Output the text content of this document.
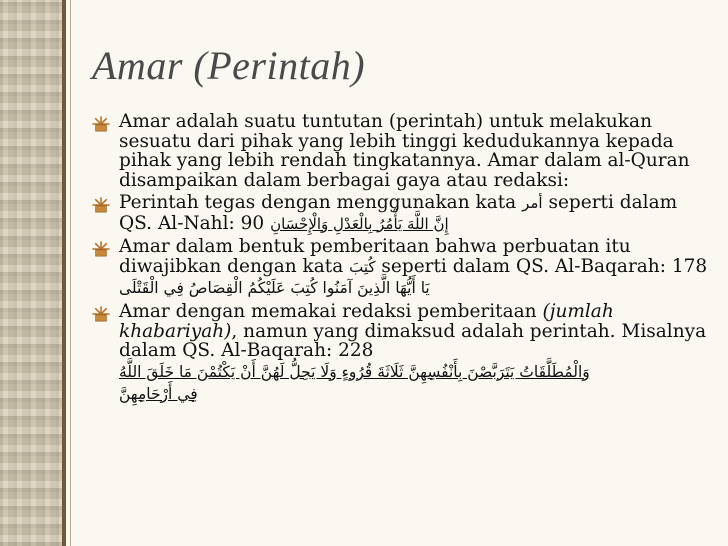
Amar (Perintah)

Amar adalah suatu tuntutan (perintah) untuk melakukan sesuatu dari pihak yang lebih tinggi kedudukannya kepada pihak yang lebih rendah tingkatannya. Amar dalam al-Quran disampaikan dalam berbagai gaya atau redaksi:

Perintah tegas dengan menggunakan kata أمر seperti dalam QS. Al-Nahl: 90 إِنَّ اللَّهَ يَأْمُرُ بِالْعَدْلِ وَالْإِحْسَانِ

Amar dalam bentuk pemberitaan bahwa perbuatan itu diwajibkan dengan kata كُتِبَ seperti dalam QS. Al-Baqarah: 178

يَا أَيُّهَا الَّذِينَ آمَنُوا كُتِبَ عَلَيْكُمُ الْقِصَاصُ فِي الْقَتْلَى

Amar dengan memakai redaksi pemberitaan (jumlah khabariyah), namun yang dimaksud adalah perintah. Misalnya dalam QS. Al-Baqarah: 228

وَالْمُطَلَّقَاتُ يَتَرَبَّصْنَ بِأَنْفُسِهِنَّ ثَلَاثَةَ قُرُوءٍ وَلَا يَحِلُّ لَهُنَّ أَنْ يَكْتُمْنَ مَا خَلَقَ اللَّهُ
فِي أَرْحَامِهِنَّ
